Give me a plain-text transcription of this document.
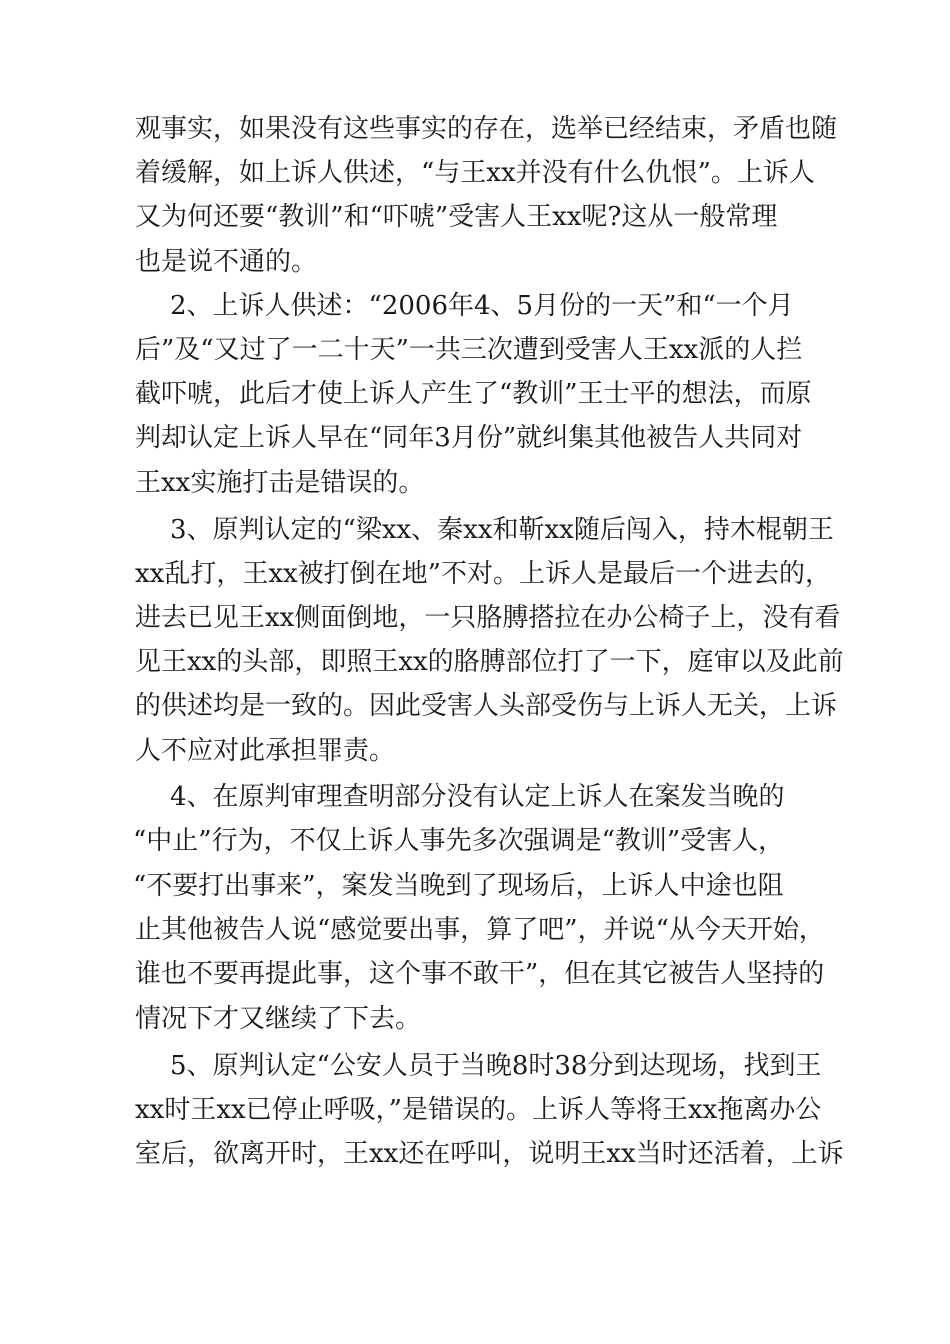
观事实，如果没有这些事实的存在，选举已经结束，矛盾也随

着缓解，如上诉人供述，“与王xx并没有什么仇恨”。上诉人

又为何还要“教训”和“吓唬”受害人王xx呢?这从一般常理

也是说不通的。

2、上诉人供述：“2006年4、5月份的一天”和“一个月

后”及“又过了一二十天”一共三次遭到受害人王xx派的人拦

截吓唬，此后才使上诉人产生了“教训”王士平的想法，而原

判却认定上诉人早在“同年3月份”就纠集其他被告人共同对

王xx实施打击是错误的。

3、原判认定的“梁xx、秦xx和靳xx随后闯入，持木棍朝王

xx乱打，王xx被打倒在地”不对。上诉人是最后一个进去的，

进去已见王xx侧面倒地，一只胳膊搭拉在办公椅子上，没有看

见王xx的头部，即照王xx的胳膊部位打了一下，庭审以及此前

的供述均是一致的。因此受害人头部受伤与上诉人无关，上诉

人不应对此承担罪责。

4、在原判审理查明部分没有认定上诉人在案发当晚的

“中止”行为，不仅上诉人事先多次强调是“教训”受害人，

“不要打出事来”，案发当晚到了现场后，上诉人中途也阻

止其他被告人说“感觉要出事，算了吧”，并说“从今天开始，

谁也不要再提此事，这个事不敢干”，但在其它被告人坚持的

情况下才又继续了下去。

5、原判认定“公安人员于当晚8时38分到达现场，找到王

xx时王xx已停止呼吸，”是错误的。上诉人等将王xx拖离办公

室后，欲离开时，王xx还在呼叫，说明王xx当时还活着，上诉
